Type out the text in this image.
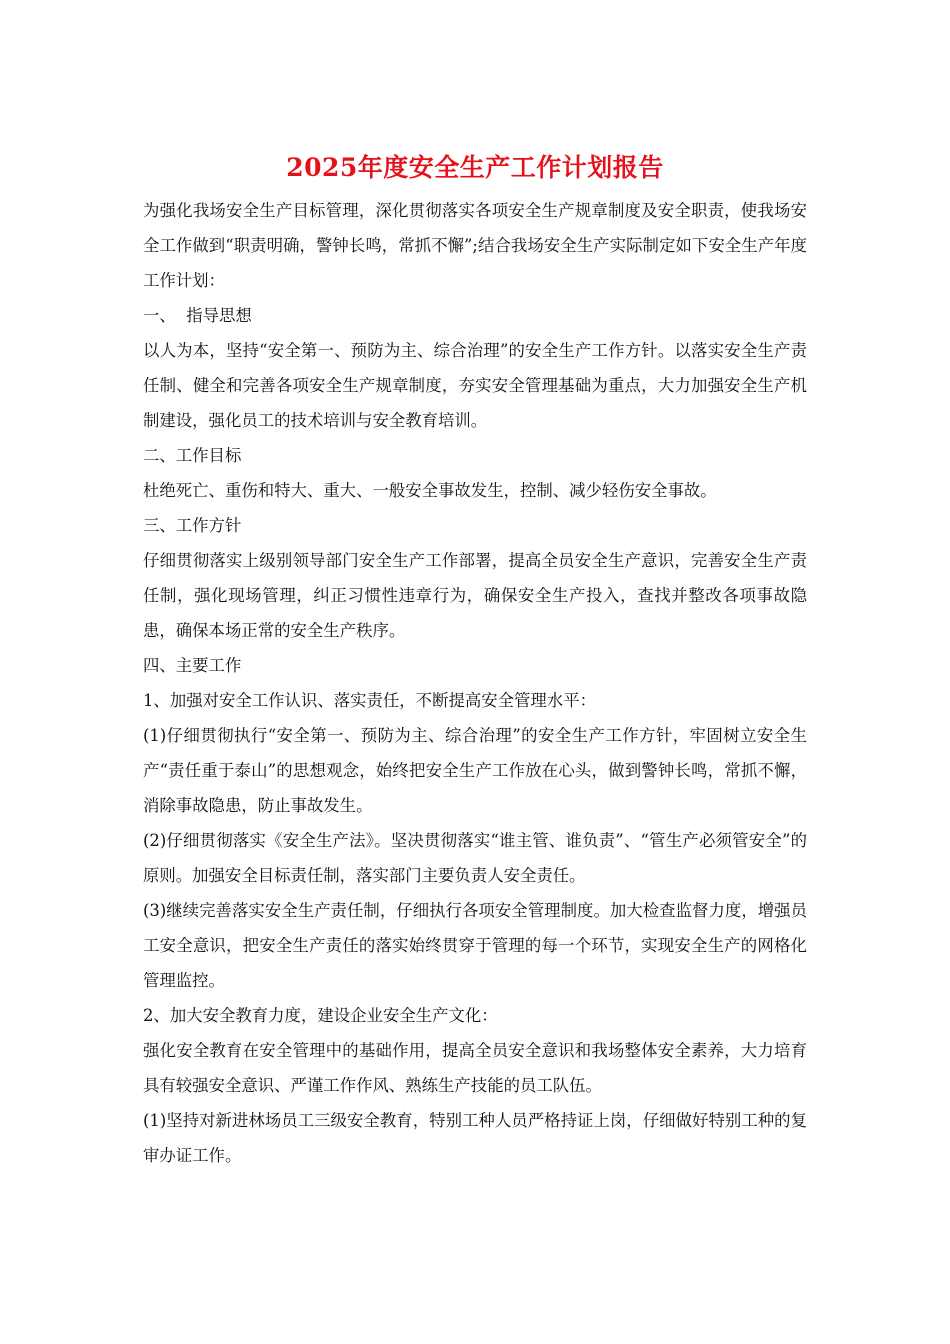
2025年度安全生产工作计划报告

为强化我场安全生产目标管理，深化贯彻落实各项安全生产规章制度及安全职责，使我场安全工作做到“职责明确，警钟长鸣，常抓不懈”;结合我场安全生产实际制定如下安全生产年度工作计划：

一、  指导思想

以人为本，坚持“安全第一、预防为主、综合治理”的安全生产工作方针。以落实安全生产责任制、健全和完善各项安全生产规章制度，夯实安全管理基础为重点，大力加强安全生产机制建设，强化员工的技术培训与安全教育培训。

二、工作目标

杜绝死亡、重伤和特大、重大、一般安全事故发生，控制、减少轻伤安全事故。

三、工作方针

仔细贯彻落实上级别领导部门安全生产工作部署，提高全员安全生产意识，完善安全生产责任制，强化现场管理，纠正习惯性违章行为，确保安全生产投入，查找并整改各项事故隐患，确保本场正常的安全生产秩序。

四、主要工作

1、加强对安全工作认识、落实责任，不断提高安全管理水平：

(1)仔细贯彻执行“安全第一、预防为主、综合治理”的安全生产工作方针，牢固树立安全生产“责任重于泰山”的思想观念，始终把安全生产工作放在心头，做到警钟长鸣，常抓不懈，消除事故隐患，防止事故发生。

(2)仔细贯彻落实《安全生产法》。坚决贯彻落实“谁主管、谁负责”、“管生产必须管安全”的原则。加强安全目标责任制，落实部门主要负责人安全责任。

(3)继续完善落实安全生产责任制，仔细执行各项安全管理制度。加大检查监督力度，增强员工安全意识，把安全生产责任的落实始终贯穿于管理的每一个环节，实现安全生产的网格化管理监控。

2、加大安全教育力度，建设企业安全生产文化：

强化安全教育在安全管理中的基础作用，提高全员安全意识和我场整体安全素养，大力培育具有较强安全意识、严谨工作作风、熟练生产技能的员工队伍。

(1)坚持对新进林场员工三级安全教育，特别工种人员严格持证上岗，仔细做好特别工种的复审办证工作。
